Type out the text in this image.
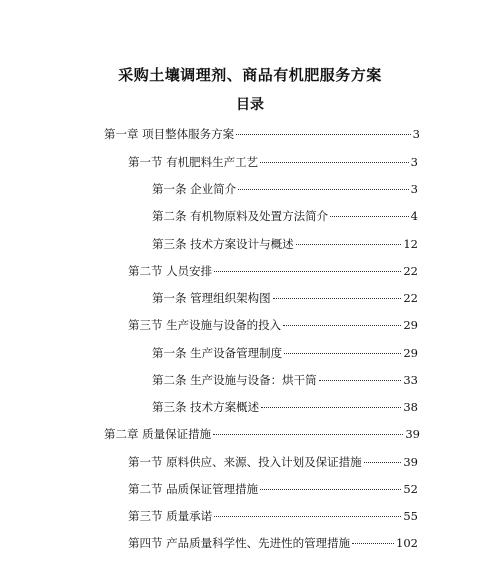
采购土壤调理剂、商品有机肥服务方案
目录
第一章 项目整体服务方案	3
第一节 有机肥料生产工艺	3
第一条 企业简介	3
第二条 有机物原料及处置方法简介	4
第三条 技术方案设计与概述	12
第二节 人员安排	22
第一条 管理组织架构图	22
第三节 生产设施与设备的投入	29
第一条 生产设备管理制度	29
第二条 生产设施与设备：烘干筒	33
第三条 技术方案概述	38
第二章 质量保证措施	39
第一节 原料供应、来源、投入计划及保证措施	39
第二节 品质保证管理措施	52
第三节 质量承诺	55
第四节 产品质量科学性、先进性的管理措施	102
